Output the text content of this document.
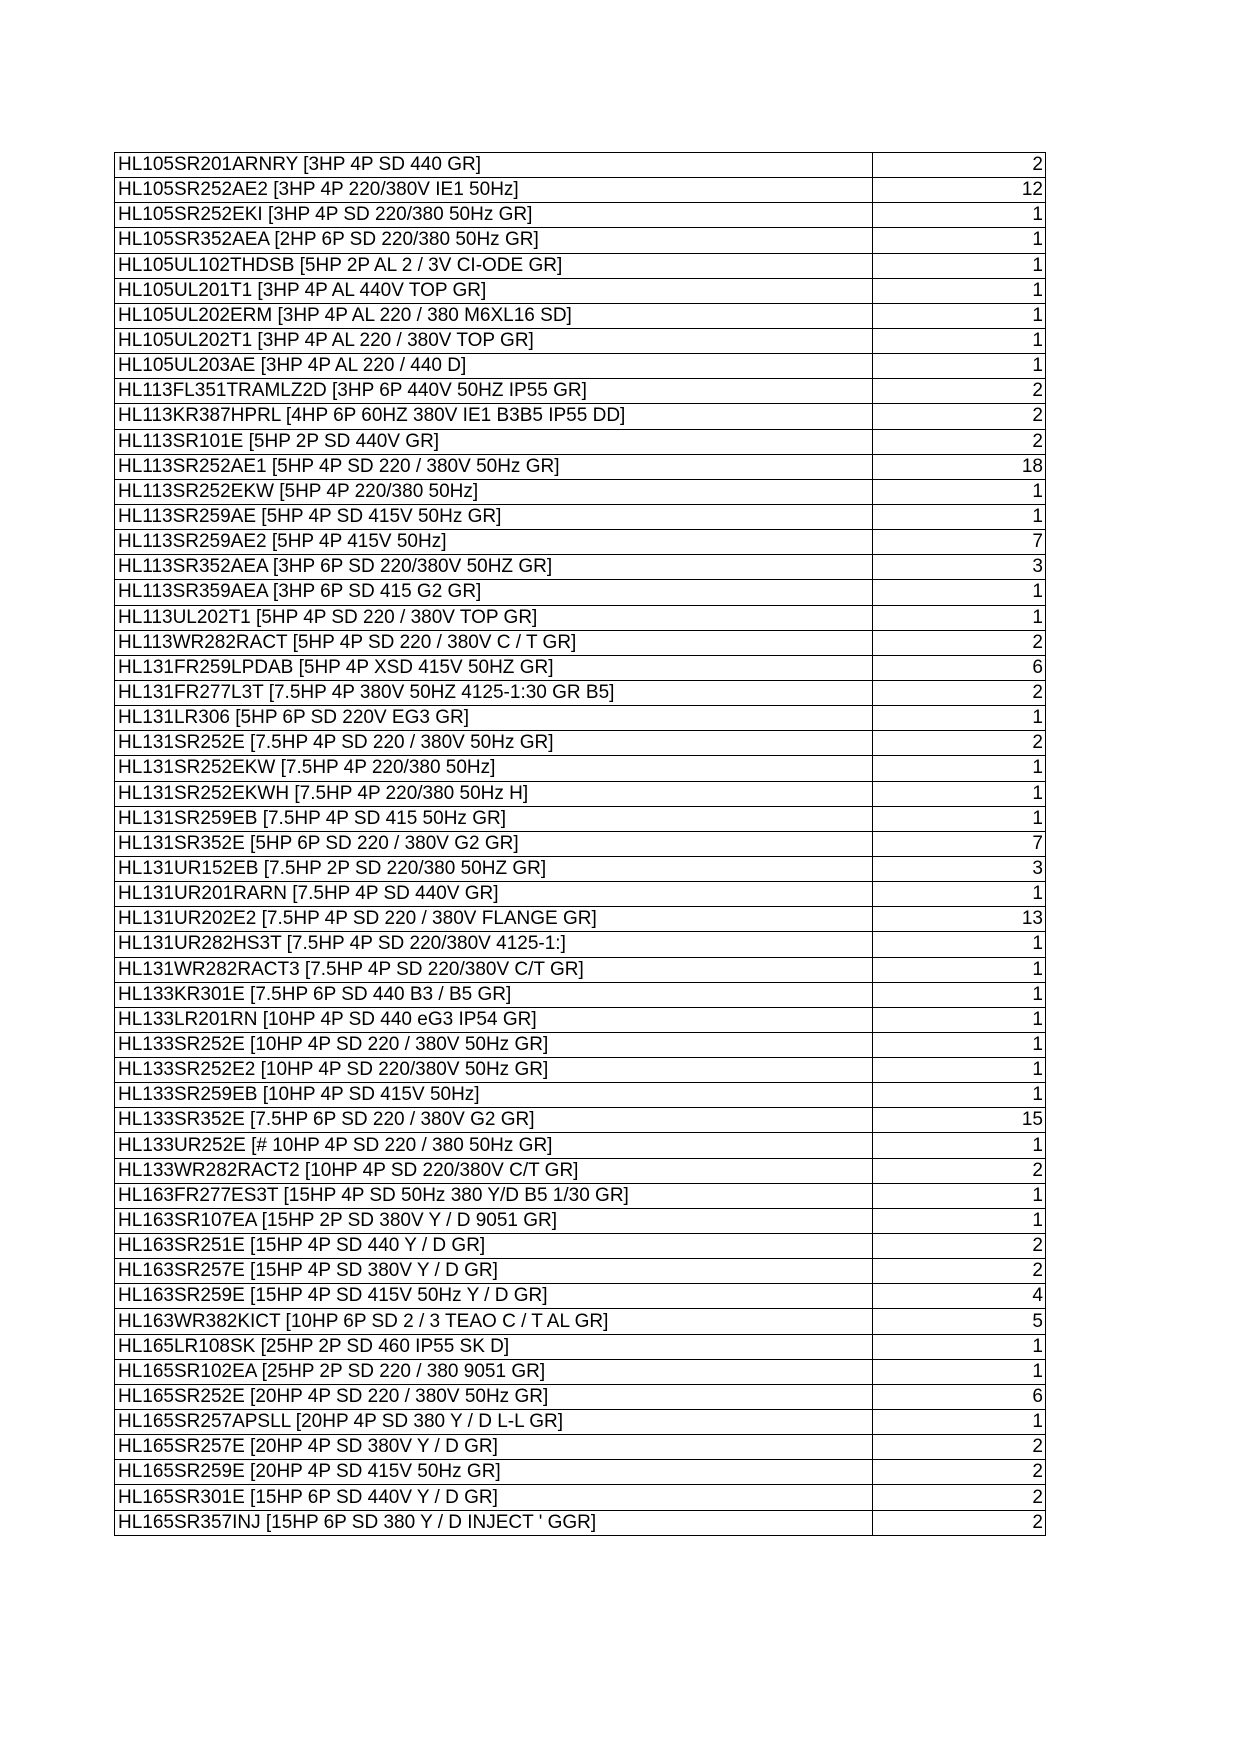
HL105SR201ARNRY [3HP 4P SD 440 GR]	2
HL105SR252AE2 [3HP 4P 220/380V IE1 50Hz]	12
HL105SR252EKI [3HP 4P SD 220/380 50Hz GR]	1
HL105SR352AEA [2HP 6P SD 220/380 50Hz GR]	1
HL105UL102THDSB [5HP 2P AL 2 / 3V CI-ODE GR]	1
HL105UL201T1 [3HP 4P AL 440V TOP GR]	1
HL105UL202ERM [3HP 4P AL 220 / 380 M6XL16 SD]	1
HL105UL202T1 [3HP 4P AL 220 / 380V TOP GR]	1
HL105UL203AE [3HP 4P AL 220 / 440 D]	1
HL113FL351TRAMLZ2D [3HP 6P 440V 50HZ IP55 GR]	2
HL113KR387HPRL [4HP 6P 60HZ 380V IE1 B3B5 IP55 DD]	2
HL113SR101E [5HP 2P SD 440V GR]	2
HL113SR252AE1 [5HP 4P SD 220 / 380V 50Hz GR]	18
HL113SR252EKW [5HP 4P 220/380 50Hz]	1
HL113SR259AE [5HP 4P SD 415V 50Hz GR]	1
HL113SR259AE2 [5HP 4P 415V 50Hz]	7
HL113SR352AEA [3HP 6P SD 220/380V 50HZ GR]	3
HL113SR359AEA [3HP 6P SD 415 G2 GR]	1
HL113UL202T1 [5HP 4P SD 220 / 380V TOP GR]	1
HL113WR282RACT [5HP 4P SD 220 / 380V C / T GR]	2
HL131FR259LPDAB [5HP 4P XSD 415V 50HZ GR]	6
HL131FR277L3T [7.5HP 4P 380V 50HZ 4125-1:30 GR B5]	2
HL131LR306 [5HP 6P SD 220V EG3 GR]	1
HL131SR252E [7.5HP 4P SD 220 / 380V 50Hz GR]	2
HL131SR252EKW [7.5HP 4P 220/380 50Hz]	1
HL131SR252EKWH [7.5HP 4P 220/380 50Hz H]	1
HL131SR259EB [7.5HP 4P SD 415 50Hz GR]	1
HL131SR352E [5HP 6P SD 220 / 380V G2 GR]	7
HL131UR152EB [7.5HP 2P SD 220/380 50HZ GR]	3
HL131UR201RARN [7.5HP 4P SD 440V GR]	1
HL131UR202E2 [7.5HP 4P SD 220 / 380V FLANGE GR]	13
HL131UR282HS3T [7.5HP 4P SD 220/380V 4125-1:]	1
HL131WR282RACT3 [7.5HP 4P SD 220/380V C/T GR]	1
HL133KR301E [7.5HP 6P SD 440 B3 / B5 GR]	1
HL133LR201RN [10HP 4P SD 440 eG3 IP54 GR]	1
HL133SR252E [10HP 4P SD 220 / 380V 50Hz GR]	1
HL133SR252E2 [10HP 4P SD 220/380V 50Hz GR]	1
HL133SR259EB [10HP 4P SD 415V 50Hz]	1
HL133SR352E [7.5HP 6P SD 220 / 380V G2 GR]	15
HL133UR252E [# 10HP 4P SD 220 / 380 50Hz GR]	1
HL133WR282RACT2 [10HP 4P SD 220/380V C/T GR]	2
HL163FR277ES3T [15HP 4P SD 50Hz 380 Y/D B5 1/30 GR]	1
HL163SR107EA [15HP 2P SD 380V Y / D 9051 GR]	1
HL163SR251E [15HP 4P SD 440 Y / D GR]	2
HL163SR257E [15HP 4P SD 380V Y / D GR]	2
HL163SR259E [15HP 4P SD 415V 50Hz Y / D GR]	4
HL163WR382KICT [10HP 6P SD 2 / 3 TEAO C / T AL GR]	5
HL165LR108SK [25HP 2P SD 460 IP55 SK D]	1
HL165SR102EA [25HP 2P SD 220 / 380 9051 GR]	1
HL165SR252E [20HP 4P SD 220 / 380V 50Hz GR]	6
HL165SR257APSLL [20HP 4P SD 380 Y / D L-L GR]	1
HL165SR257E [20HP 4P SD 380V Y / D GR]	2
HL165SR259E [20HP 4P SD 415V 50Hz GR]	2
HL165SR301E [15HP 6P SD 440V Y / D GR]	2
HL165SR357INJ [15HP 6P SD 380 Y / D INJECT ' GGR]	2
